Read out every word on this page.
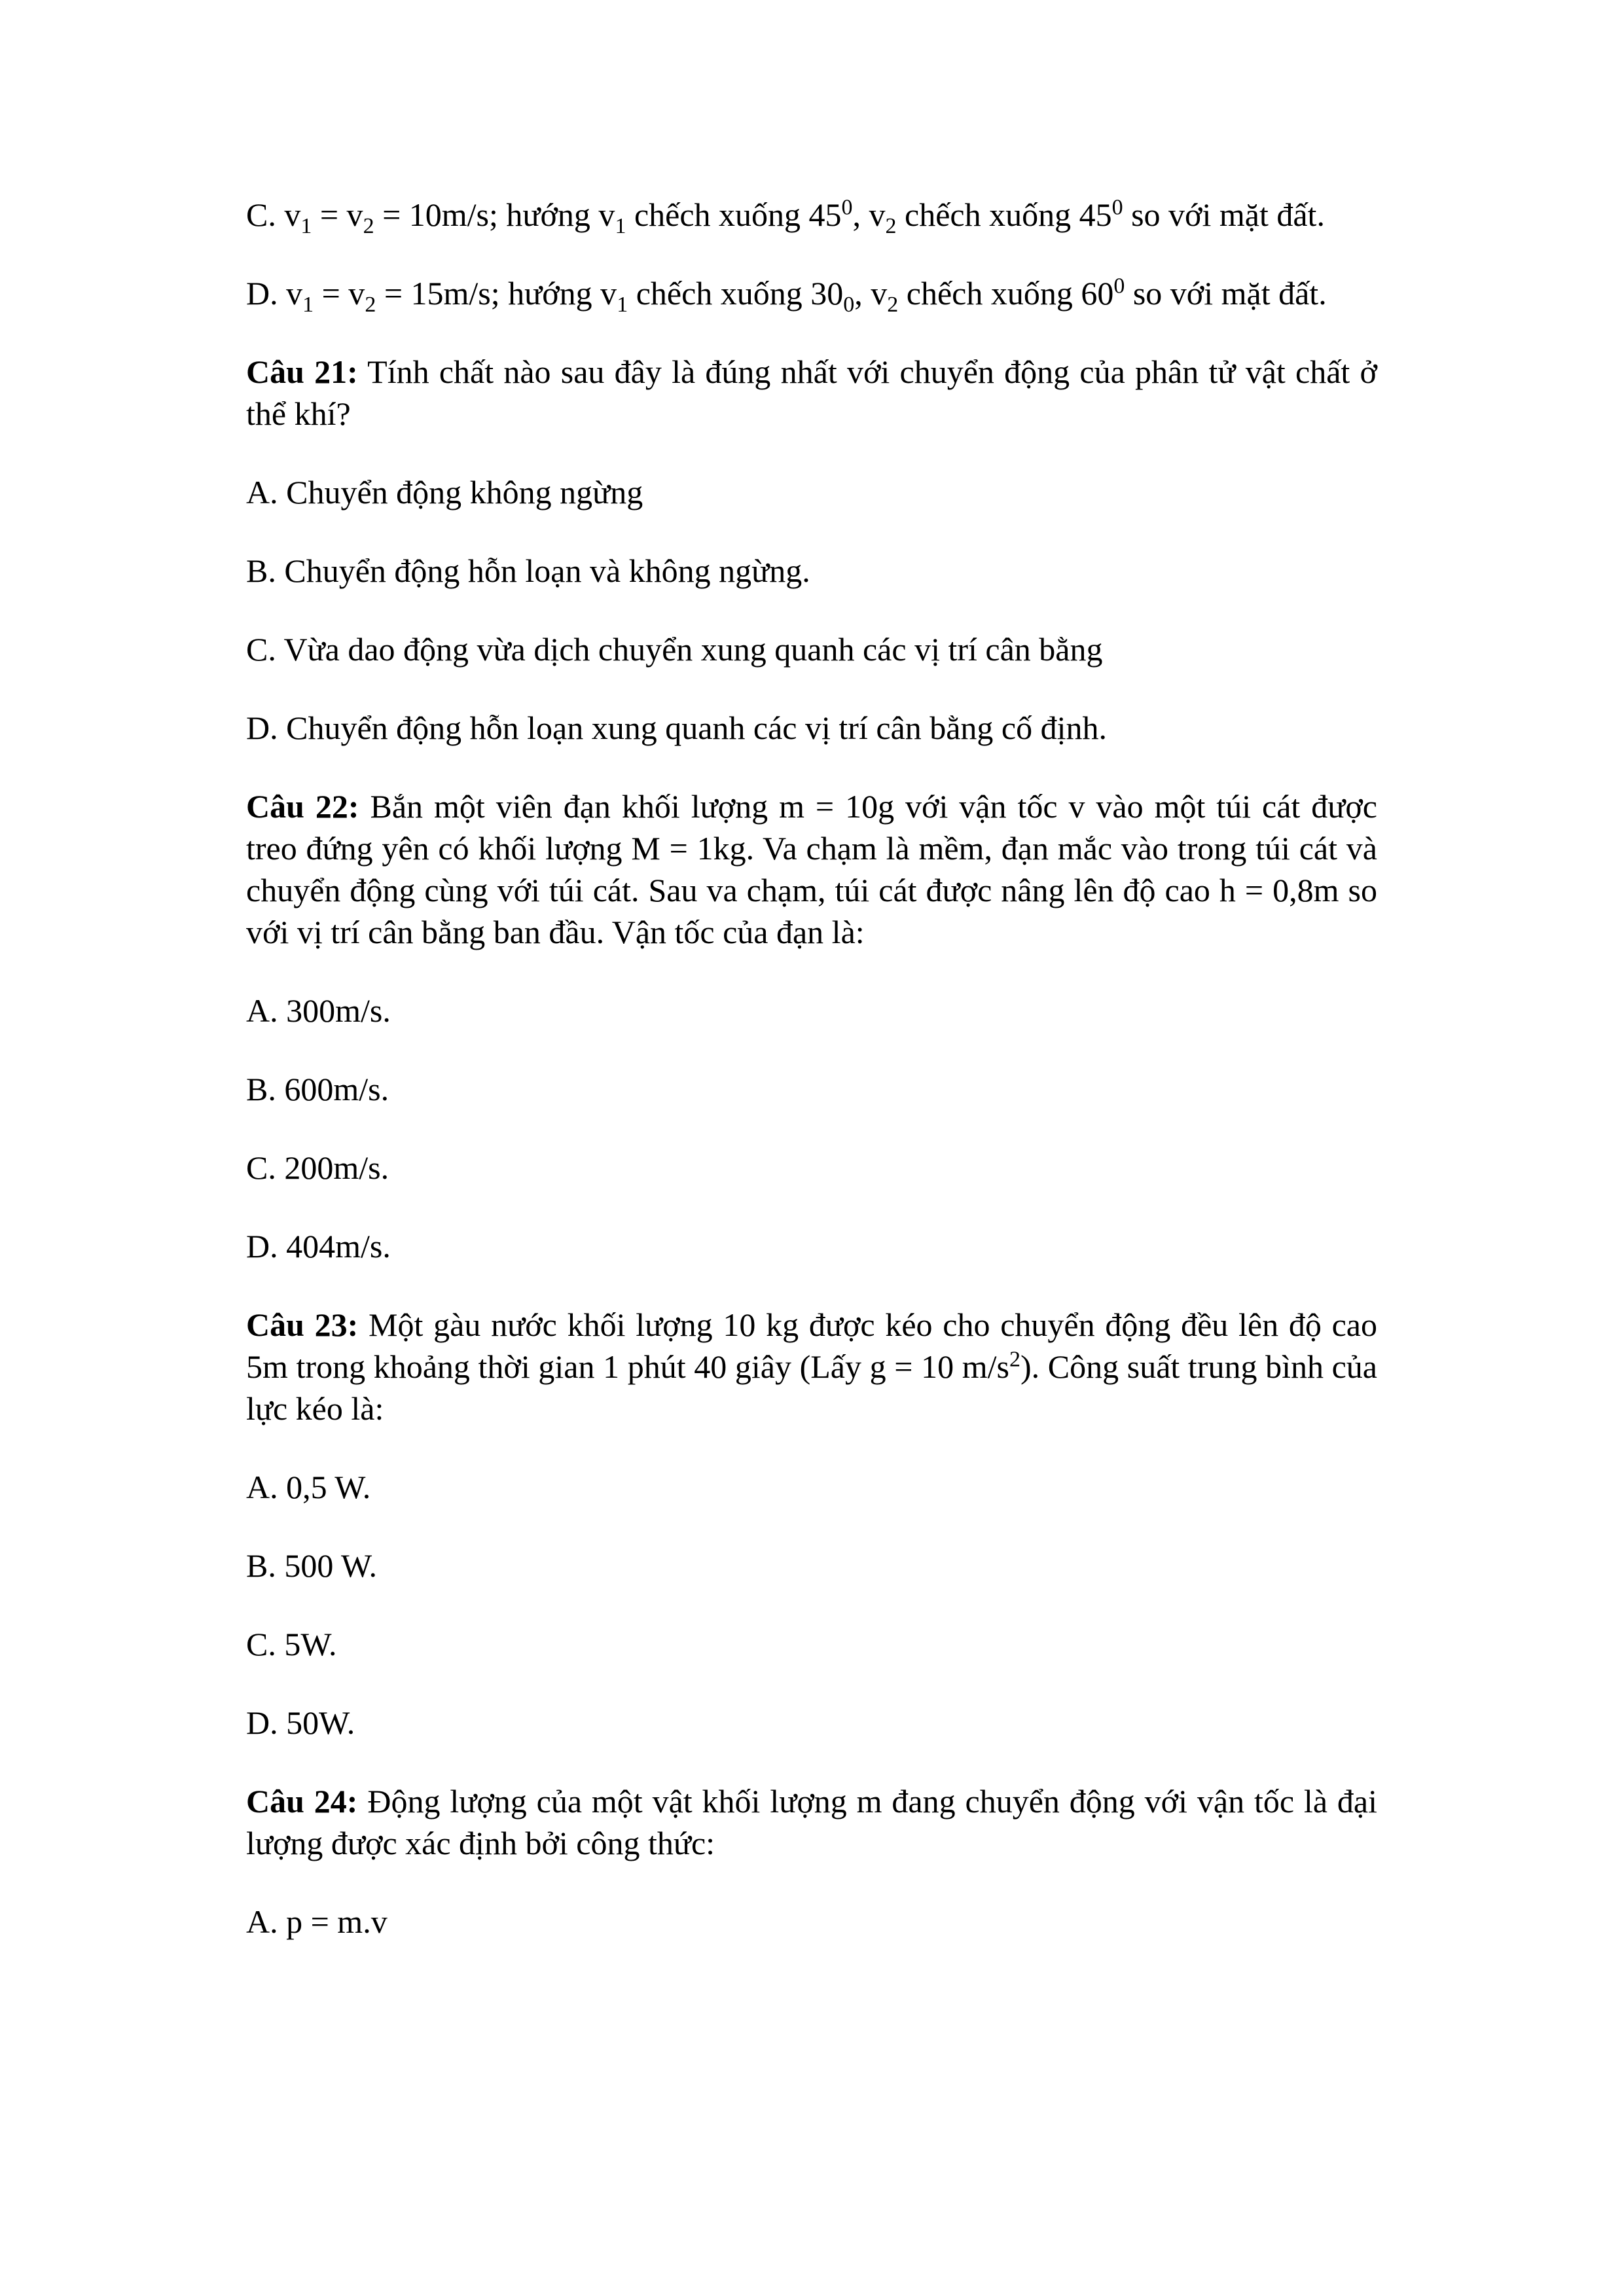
C. $v_1 = v_2 = 10m/s$; hướng $v_1$ chếch xuống $45^0$, $v_2$ chếch xuống $45^0$ so với mặt đất.

D. $v_1 = v_2 = 15m/s$; hướng $v_1$ chếch xuống $30_0$, $v_2$ chếch xuống $60^0$ so với mặt đất.

Câu 21: Tính chất nào sau đây là đúng nhất với chuyển động của phân tử vật chất ở thể khí?

A. Chuyển động không ngừng

B. Chuyển động hỗn loạn và không ngừng.

C. Vừa dao động vừa dịch chuyển xung quanh các vị trí cân bằng

D. Chuyển động hỗn loạn xung quanh các vị trí cân bằng cố định.

Câu 22: Bắn một viên đạn khối lượng m = 10g với vận tốc v vào một túi cát được treo đứng yên có khối lượng M = 1kg. Va chạm là mềm, đạn mắc vào trong túi cát và chuyển động cùng với túi cát. Sau va chạm, túi cát được nâng lên độ cao h = 0,8m so với vị trí cân bằng ban đầu. Vận tốc của đạn là:

A. 300m/s.

B. 600m/s.

C. 200m/s.

D. 404m/s.

Câu 23: Một gàu nước khối lượng 10 kg được kéo cho chuyển động đều lên độ cao 5m trong khoảng thời gian 1 phút 40 giây (Lấy g = 10 $m/s^2$). Công suất trung bình của lực kéo là:

A. 0,5 W.

B. 500 W.

C. 5W.

D. 50W.

Câu 24: Động lượng của một vật khối lượng m đang chuyển động với vận tốc là đại lượng được xác định bởi công thức:

A. p = m.v
